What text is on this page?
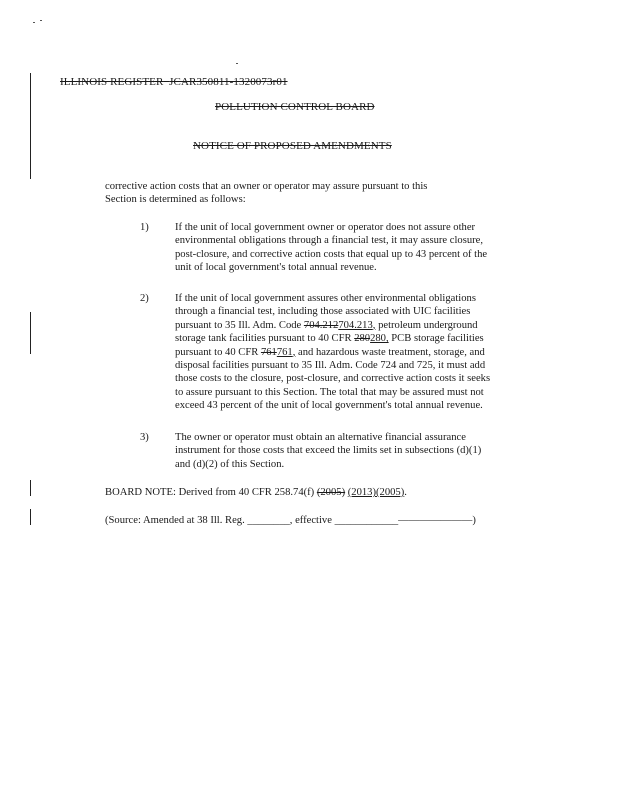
ILLINOIS REGISTER JCAR350811-1320073r01
POLLUTION CONTROL BOARD
NOTICE OF PROPOSED AMENDMENTS
corrective action costs that an owner or operator may assure pursuant to this
Section is determined as follows:
1)	If the unit of local government owner or operator does not assure other
environmental obligations through a financial test, it may assure closure,
post-closure, and corrective action costs that equal up to 43 percent of the
unit of local government's total annual revenue.
2)	If the unit of local government assures other environmental obligations
through a financial test, including those associated with UIC facilities
pursuant to 35 Ill. Adm. Code 704.212704.213, petroleum underground
storage tank facilities pursuant to 40 CFR 280280, PCB storage facilities
pursuant to 40 CFR 761761, and hazardous waste treatment, storage, and
disposal facilities pursuant to 35 Ill. Adm. Code 724 and 725, it must add
those costs to the closure, post-closure, and corrective action costs it seeks
to assure pursuant to this Section. The total that may be assured must not
exceed 43 percent of the unit of local government's total annual revenue.
3)	The owner or operator must obtain an alternative financial assurance
instrument for those costs that exceed the limits set in subsections (d)(1)
and (d)(2) of this Section.
BOARD NOTE: Derived from 40 CFR 258.74(f) (2005) (2013)(2005).
(Source: Amended at 38 Ill. Reg. ________, effective ____________———————)
